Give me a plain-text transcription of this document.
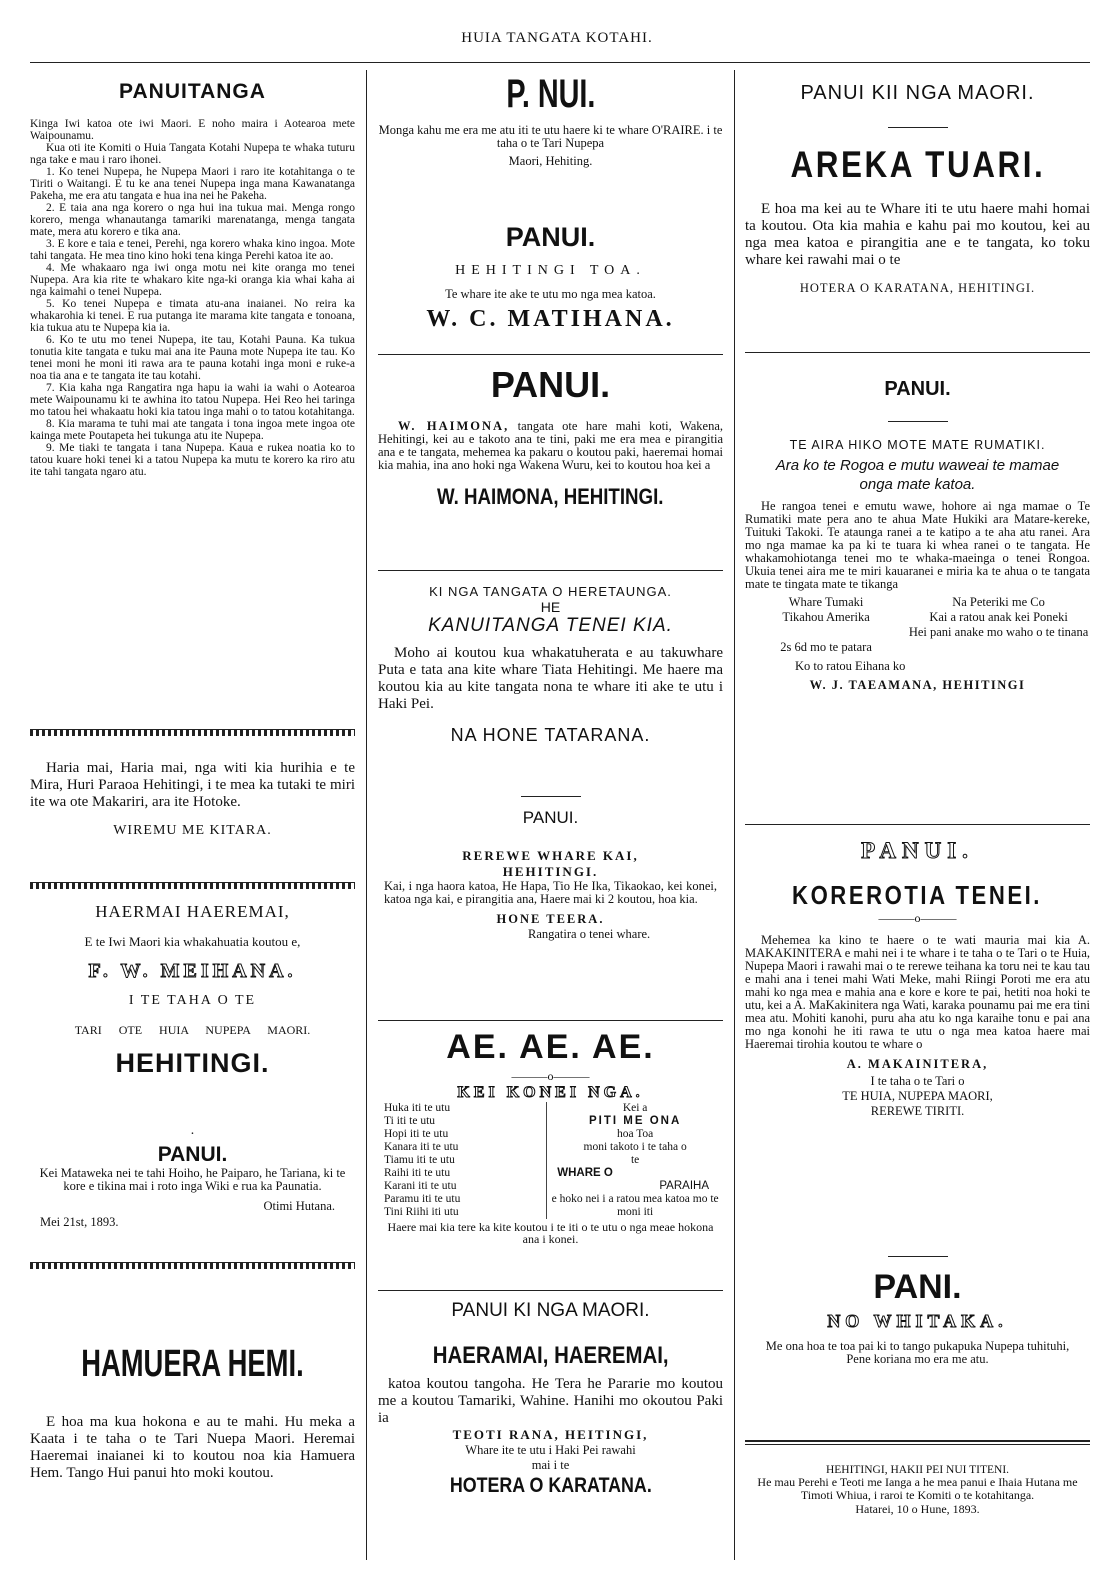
HUIA TANGATA KOTAHI.
PANUITANGA

Kinga Iwi katoa ote iwi Maori. E noho maira i Aotearoa mete Waipounamu.

Kua oti ite Komiti o Huia Tangata Kotahi Nupepa te whaka tuturu nga take e mau i raro ihonei.

1. Ko tenei Nupepa, he Nupepa Maori i raro ite kotahitanga o te Tiriti o Waitangi. E tu ke ana tenei Nupepa inga mana Kawanatanga Pakeha, me era atu tangata e hua ina nei he Pakeha.

2. E taia ana nga korero o nga hui ina tukua mai. Menga rongo korero, menga whanautanga tamariki marenatanga, menga tangata mate, mera atu korero e tika ana.

3. E kore e taia e tenei, Perehi, nga korero whaka kino ingoa. Mote tahi tangata. He mea tino kino hoki tena kinga Perehi katoa ite ao.

4. Me whakaaro nga iwi onga motu nei kite oranga mo tenei Nupepa. Ara kia rite te whakaro kite nga-ki oranga kia whai kaha ai nga kaimahi o tenei Nupepa.

5. Ko tenei Nupepa e timata atu-ana inaianei. No reira ka whakarohia ki tenei. E rua putanga ite marama kite tangata e tonoana, kia tukua atu te Nupepa kia ia.

6. Ko te utu mo tenei Nupepa, ite tau, Kotahi Pauna. Ka tukua tonutia kite tangata e tuku mai ana ite Pauna mote Nupepa ite tau. Ko tenei moni he moni iti rawa ara te pauna kotahi inga moni e ruke-a noa tia ana e te tangata ite tau kotahi.

7. Kia kaha nga Rangatira nga hapu ia wahi ia wahi o Aotearoa mete Waipounamu ki te awhina ito tatou Nupepa. Hei Reo hei taringa mo tatou hei whakaatu hoki kia tatou inga mahi o to tatou kotahitanga.

8. Kia marama te tuhi mai ate tangata i tona ingoa mete ingoa ote kainga mete Poutapeta hei tukunga atu ite Nupepa.

9. Me tiaki te tangata i tana Nupepa. Kaua e rukea noatia ko to tatou kuare hoki tenei ki a tatou Nupepa ka mutu te korero ka riro atu ite tahi tangata ngaro atu.

Haria mai, Haria mai, nga witi kia hurihia e te Mira, Huri Paraoa Hehitingi, i te mea ka tutaki te miri ite wa ote Makariri, ara ite Hotoke.

WIREMU ME KITARA.
HAERMAI HAEREMAI,
E te Iwi Maori kia whakahuatia koutou e,
F. W. MEIHANA.
I TE TAHA O TE
TARI OTE HUIA NUPEPA MAORI.
HEHITINGI.
·
PANUI.

Kei Mataweka nei te tahi Hoiho, he Paiparo, he Tariana, ki te kore e tikina mai i roto inga Wiki e rua ka Paunatia.

Otimi Hutana.
Mei 21st, 1893.
HAMUERA HEMI.

E hoa ma kua hokona e au te mahi. Hu meka a Kaata i te taha o te Tari Nuepa Maori. Heremai Haeremai inaianei ki to koutou noa kia Hamuera Hem. Tango Hui panui hto moki koutou.

P. NUI.

Monga kahu me era me atu iti te utu haere ki te whare O'RAIRE. i te taha o te Tari Nupepa

Maori, Hehiting.
PANUI.
HEHITINGI TOA.
Te whare ite ake te utu mo nga mea katoa.
W. C. MATIHANA.
PANUI.

W. HAIMONA, tangata ote hare mahi koti, Wakena, Hehitingi, kei au e takoto ana te tini, paki me era mea e pirangitia ana e te tangata, mehemea ka pakaru o koutou paki, haeremai homai kia mahia, ina ano hoki nga Wakena Wuru, kei to koutou hoa kei a

W. HAIMONA, HEHITINGI.
KI NGA TANGATA O HERETAUNGA.
HE
KANUITANGA TENEI KIA.

Moho ai koutou kua whakatuherata e au takuwhare Puta e tata ana kite whare Tiata Hehitingi. Me haere ma koutou kia au kite tangata nona te whare iti ake te utu i Haki Pei.

NA HONE TATARANA.
PANUI.
REREWE WHARE KAI,
HEHITINGI.

Kai, i nga haora katoa, He Hapa, Tio He Ika, Tikaokao, kei konei, katoa nga kai, e pirangitia ana, Haere mai ki 2 koutou, hoa kia.

HONE TEERA.
Rangatira o tenei whare.
AE. AE. AE.
———o———
KEI KONEI NGA.
Huka iti te utu
Ti iti te utu
Hopi iti te utu
Kanara iti te utu
Tiamu iti te utu
Raihi iti te utu
Karani iti te utu
Paramu iti te utu
Tini Riihi iti utu
Kei a
PITI ME ONA
hoa Toa
moni takoto i te taha o
te
WHARE O
PARAIHA
e hoko nei i a ratou mea katoa mo te moni iti

Haere mai kia tere ka kite koutou i te iti o te utu o nga meae hokona ana i konei.

PANUI KI NGA MAORI.
HAERAMAI, HAEREMAI,

katoa koutou tangoha. He Tera he Pararie mo koutou me a koutou Tamariki, Wahine. Hanihi mo okoutou Paki ia

TEOTI RANA, HEITINGI,
Whare ite te utu i Haki Pei rawahi
mai i te
HOTERA O KARATANA.
PANUI KII NGA MAORI.
AREKA TUARI.

E hoa ma kei au te Whare iti te utu haere mahi homai ta koutou. Ota kia mahia e kahu pai mo koutou, kei au nga mea katoa e pirangitia ane e te tangata, ko toku whare kei rawahi mai o te

HOTERA O KARATANA, HEHITINGI.
PANUI.
TE AIRA HIKO MOTE MATE RUMATIKI.
Ara ko te Rogoa e mutu waweai te mamae onga mate katoa.

He rangoa tenei e emutu wawe, hohore ai nga mamae o Te Rumatiki mate pera ano te ahua Mate Hukiki ara Matare-kereke, Tuituki Takoki. Te ataunga ranei a te katipo a te aha atu ranei. Ara mo nga mamae ka pa ki te tuara ki whea ranei o te tangata. He whakamohiotanga tenei mo te whaka-maeinga o tenei Rongoa. Ukuia tenei aira me te miri kauaranei e miria ka te ahua o te tangata mate te tingata mate te tikanga

Whare Tumaki
Tikahou Amerika
2s 6d mo te patara
Na Peteriki me Co
Kai a ratou anak kei Poneki
Hei pani anake mo waho o te tinana
Ko to ratou Eihana ko
W. J. TAEAMANA, HEHITINGI
PANUI.
KOREROTIA TENEI.
———o———

Mehemea ka kino te haere o te wati mauria mai kia A. MAKAKINITERA e mahi nei i te whare i te taha o te Tari o te Huia, Nupepa Maori i rawahi mai o te rerewe teihana ka toru nei te kau tau e mahi ana i tenei mahi Wati Meke, mahi Riingi Poroti me era atu mahi ko nga mea e mahia ana e kore e kore te pai, hetiti noa hoki te utu, kei a A. MaKakinitera nga Wati, karaka pounamu pai me era tini mea atu. Mohiti kanohi, puru aha atu ko nga karaihe tonu e pai ana mo nga konohi he iti rawa te utu o nga mea katoa haere mai Haeremai tirohia koutou te whare o

A. MAKAINITERA,
I te taha o te Tari o
TE HUIA, NUPEPA MAORI,
REREWE TIRITI.
PANI.
NO WHITAKA.

Me ona hoa te toa pai ki to tango pukapuka Nupepa tuhituhi, Pene koriana mo era me atu.

HEHITINGI, HAKII PEI NUI TITENI.

He mau Perehi e Teoti me Ianga a he mea panui e Ihaia Hutana me Timoti Whiua, i raroi te Komiti o te kotahitanga.

Hatarei, 10 o Hune, 1893.
